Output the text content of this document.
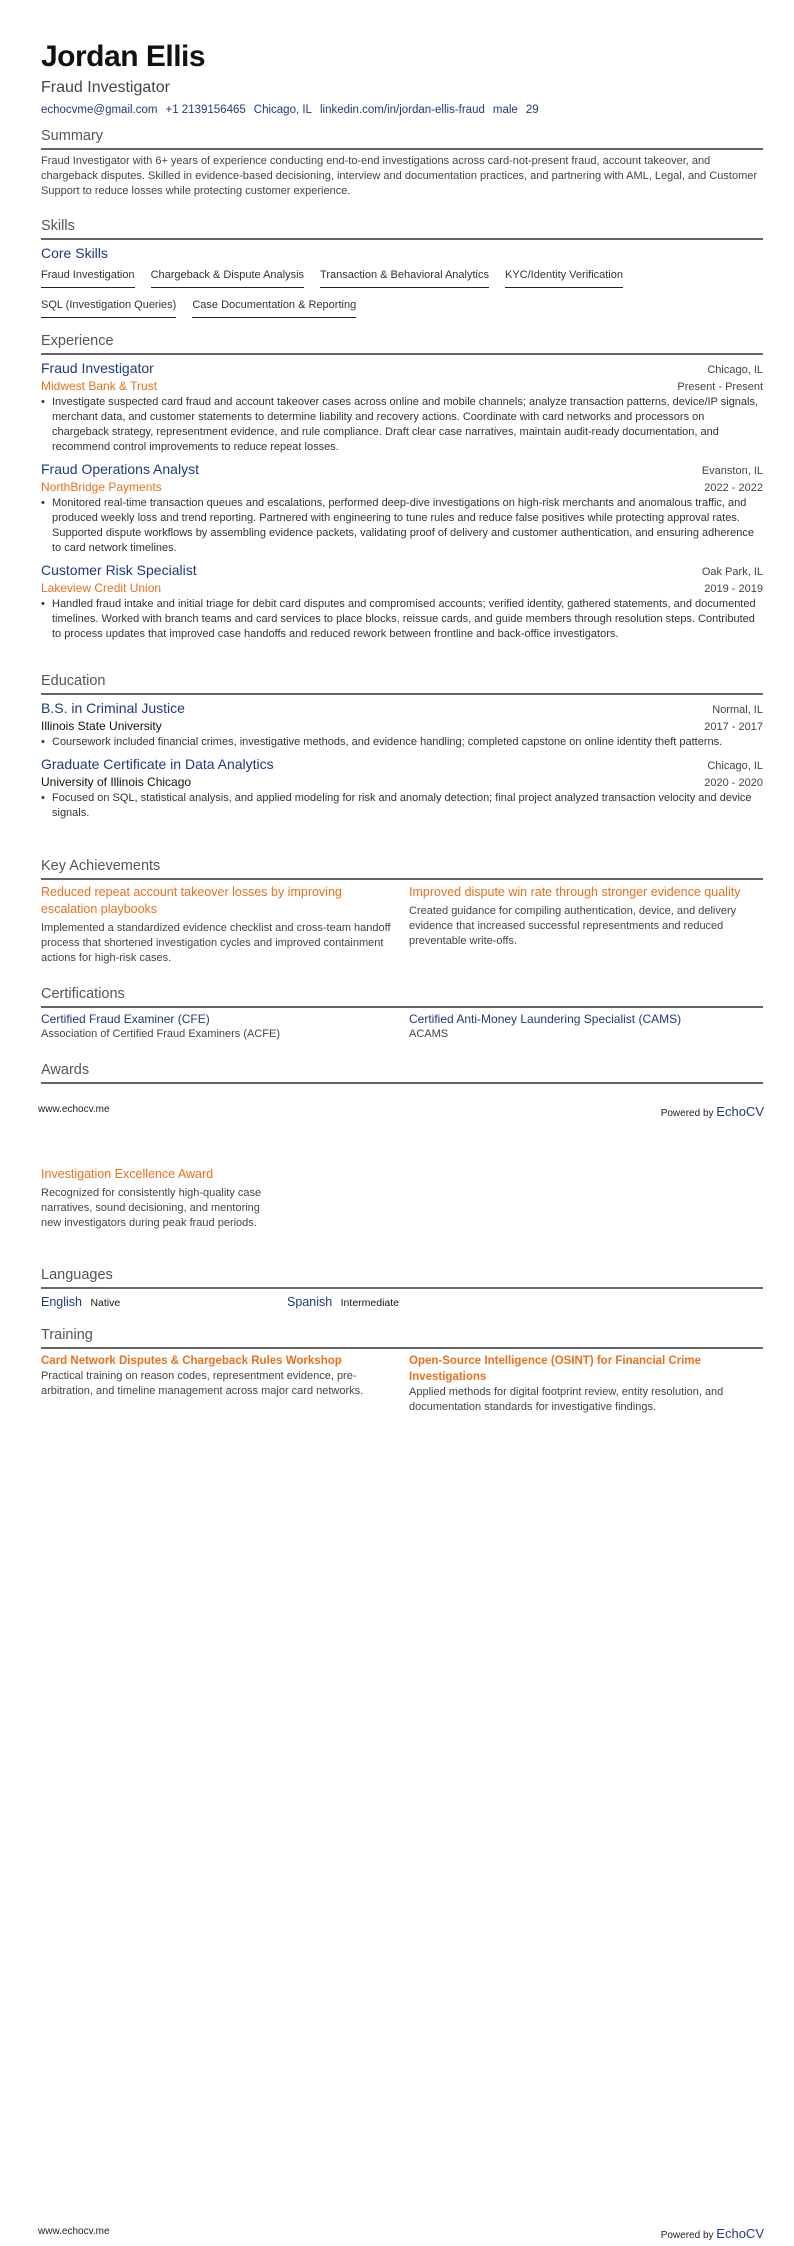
Jordan Ellis
Fraud Investigator
echocvme@gmail.com +1 2139156465 Chicago, IL linkedin.com/in/jordan-ellis-fraud male 29
Summary
Fraud Investigator with 6+ years of experience conducting end-to-end investigations across card-not-present fraud, account takeover, and chargeback disputes. Skilled in evidence-based decisioning, interview and documentation practices, and partnering with AML, Legal, and Customer Support to reduce losses while protecting customer experience.
Skills
Core Skills
Fraud Investigation Chargeback & Dispute Analysis Transaction & Behavioral Analytics KYC/Identity Verification
SQL (Investigation Queries) Case Documentation & Reporting
Experience
Fraud Investigator	Chicago, IL
Midwest Bank & Trust	Present - Present
• Investigate suspected card fraud and account takeover cases across online and mobile channels; analyze transaction patterns, device/IP signals, merchant data, and customer statements to determine liability and recovery actions. Coordinate with card networks and processors on chargeback strategy, representment evidence, and rule compliance. Draft clear case narratives, maintain audit-ready documentation, and recommend control improvements to reduce repeat losses.
Fraud Operations Analyst	Evanston, IL
NorthBridge Payments	2022 - 2022
• Monitored real-time transaction queues and escalations, performed deep-dive investigations on high-risk merchants and anomalous traffic, and produced weekly loss and trend reporting. Partnered with engineering to tune rules and reduce false positives while protecting approval rates. Supported dispute workflows by assembling evidence packets, validating proof of delivery and customer authentication, and ensuring adherence to card network timelines.
Customer Risk Specialist	Oak Park, IL
Lakeview Credit Union	2019 - 2019
• Handled fraud intake and initial triage for debit card disputes and compromised accounts; verified identity, gathered statements, and documented timelines. Worked with branch teams and card services to place blocks, reissue cards, and guide members through resolution steps. Contributed to process updates that improved case handoffs and reduced rework between frontline and back-office investigators.
Education
B.S. in Criminal Justice	Normal, IL
Illinois State University	2017 - 2017
• Coursework included financial crimes, investigative methods, and evidence handling; completed capstone on online identity theft patterns.
Graduate Certificate in Data Analytics	Chicago, IL
University of Illinois Chicago	2020 - 2020
• Focused on SQL, statistical analysis, and applied modeling for risk and anomaly detection; final project analyzed transaction velocity and device signals.
Key Achievements
Reduced repeat account takeover losses by improving escalation playbooks
Implemented a standardized evidence checklist and cross-team handoff process that shortened investigation cycles and improved containment actions for high-risk cases.
Improved dispute win rate through stronger evidence quality
Created guidance for compiling authentication, device, and delivery evidence that increased successful representments and reduced preventable write-offs.
Certifications
Certified Fraud Examiner (CFE)
Association of Certified Fraud Examiners (ACFE)
Certified Anti-Money Laundering Specialist (CAMS)
ACAMS
Awards
www.echocv.me	Powered by EchoCV
Investigation Excellence Award
Recognized for consistently high-quality case narratives, sound decisioning, and mentoring new investigators during peak fraud periods.
Languages
English Native	Spanish Intermediate
Training
Card Network Disputes & Chargeback Rules Workshop
Practical training on reason codes, representment evidence, pre-arbitration, and timeline management across major card networks.
Open-Source Intelligence (OSINT) for Financial Crime Investigations
Applied methods for digital footprint review, entity resolution, and documentation standards for investigative findings.
www.echocv.me	Powered by EchoCV
